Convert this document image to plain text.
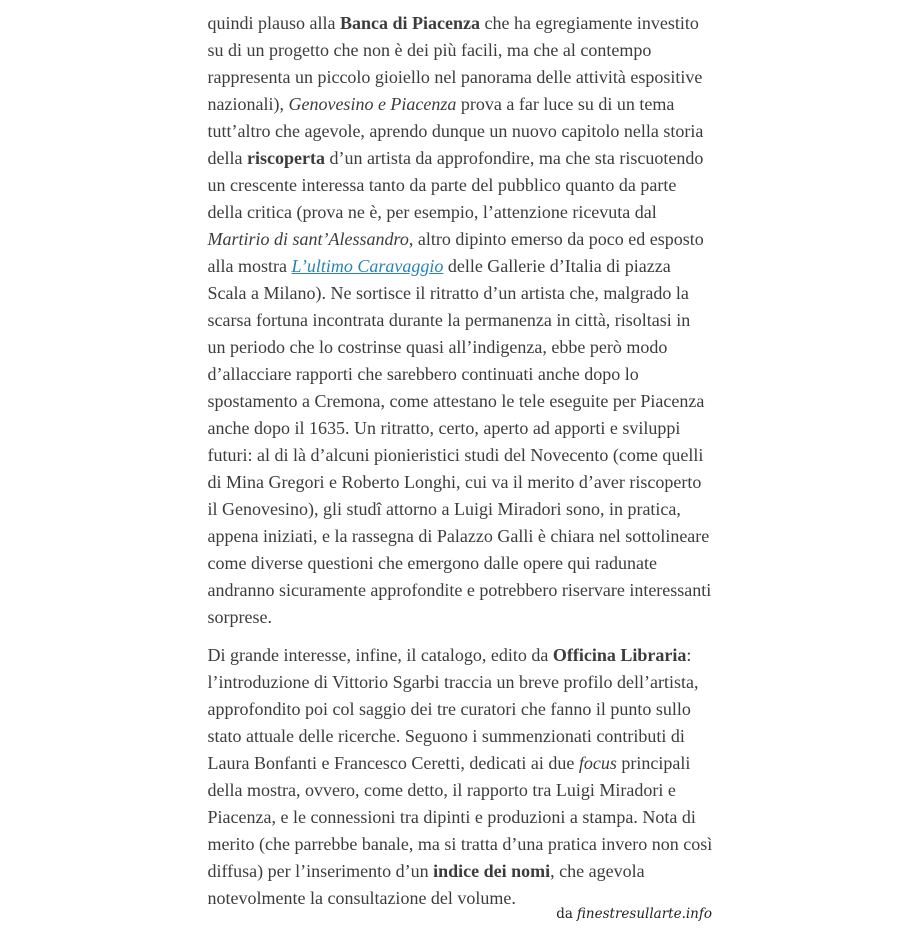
quindi plauso alla Banca di Piacenza che ha egregiamente investito su di un progetto che non è dei più facili, ma che al contempo rappresenta un piccolo gioiello nel panorama delle attività espositive nazionali), Genovesino e Piacenza prova a far luce su di un tema tutt’altro che agevole, aprendo dunque un nuovo capitolo nella storia della riscoperta d’un artista da approfondire, ma che sta riscuotendo un crescente interessa tanto da parte del pubblico quanto da parte della critica (prova ne è, per esempio, l’attenzione ricevuta dal Martirio di sant’Alessandro, altro dipinto emerso da poco ed esposto alla mostra L’ultimo Caravaggio delle Gallerie d’Italia di piazza Scala a Milano). Ne sortisce il ritratto d’un artista che, malgrado la scarsa fortuna incontrata durante la permanenza in città, risoltasi in un periodo che lo costrinse quasi all’indigenza, ebbe però modo d’allacciare rapporti che sarebbero continuati anche dopo lo spostamento a Cremona, come attestano le tele eseguite per Piacenza anche dopo il 1635. Un ritratto, certo, aperto ad apporti e sviluppi futuri: al di là d’alcuni pionieristici studi del Novecento (come quelli di Mina Gregori e Roberto Longhi, cui va il merito d’aver riscoperto il Genovesino), gli studî attorno a Luigi Miradori sono, in pratica, appena iniziati, e la rassegna di Palazzo Galli è chiara nel sottolineare come diverse questioni che emergono dalle opere qui radunate andranno sicuramente approfondite e potrebbero riservare interessanti sorprese.

Di grande interesse, infine, il catalogo, edito da Officina Libraria: l’introduzione di Vittorio Sgarbi traccia un breve profilo dell’artista, approfondito poi col saggio dei tre curatori che fanno il punto sullo stato attuale delle ricerche. Seguono i summenzionati contributi di Laura Bonfanti e Francesco Ceretti, dedicati ai due focus principali della mostra, ovvero, come detto, il rapporto tra Luigi Miradori e Piacenza, e le connessioni tra dipinti e produzioni a stampa. Nota di merito (che parrebbe banale, ma si tratta d’una pratica invero non così diffusa) per l’inserimento d’un indice dei nomi, che agevola notevolmente la consultazione del volume.

da finestresullarte.info
